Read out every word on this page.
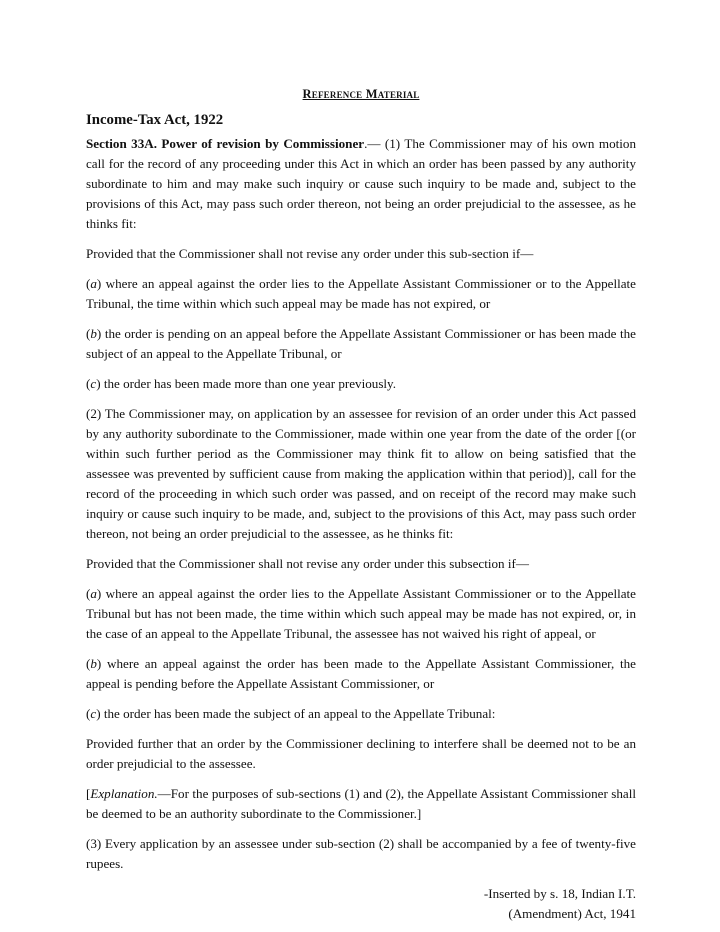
Reference Material
Income-Tax Act, 1922

Section 33A. Power of revision by Commissioner.— (1) The Commissioner may of his own motion call for the record of any proceeding under this Act in which an order has been passed by any authority subordinate to him and may make such inquiry or cause such inquiry to be made and, subject to the provisions of this Act, may pass such order thereon, not being an order prejudicial to the assessee, as he thinks fit:

Provided that the Commissioner shall not revise any order under this sub-section if—

(a) where an appeal against the order lies to the Appellate Assistant Commissioner or to the Appellate Tribunal, the time within which such appeal may be made has not expired, or

(b) the order is pending on an appeal before the Appellate Assistant Commissioner or has been made the subject of an appeal to the Appellate Tribunal, or

(c) the order has been made more than one year previously.

(2) The Commissioner may, on application by an assessee for revision of an order under this Act passed by any authority subordinate to the Commissioner, made within one year from the date of the order [(or within such further period as the Commissioner may think fit to allow on being satisfied that the assessee was prevented by sufficient cause from making the application within that period)], call for the record of the proceeding in which such order was passed, and on receipt of the record may make such inquiry or cause such inquiry to be made, and, subject to the provisions of this Act, may pass such order thereon, not being an order prejudicial to the assessee, as he thinks fit:

Provided that the Commissioner shall not revise any order under this subsection if—

(a) where an appeal against the order lies to the Appellate Assistant Commissioner or to the Appellate Tribunal but has not been made, the time within which such appeal may be made has not expired, or, in the case of an appeal to the Appellate Tribunal, the assessee has not waived his right of appeal, or

(b) where an appeal against the order has been made to the Appellate Assistant Commissioner, the appeal is pending before the Appellate Assistant Commissioner, or

(c) the order has been made the subject of an appeal to the Appellate Tribunal:

Provided further that an order by the Commissioner declining to interfere shall be deemed not to be an order prejudicial to the assessee.

[Explanation.—For the purposes of sub-sections (1) and (2), the Appellate Assistant Commissioner shall be deemed to be an authority subordinate to the Commissioner.]

(3) Every application by an assessee under sub-section (2) shall be accompanied by a fee of twenty-five rupees.

-Inserted by s. 18, Indian I.T.
(Amendment) Act, 1941
